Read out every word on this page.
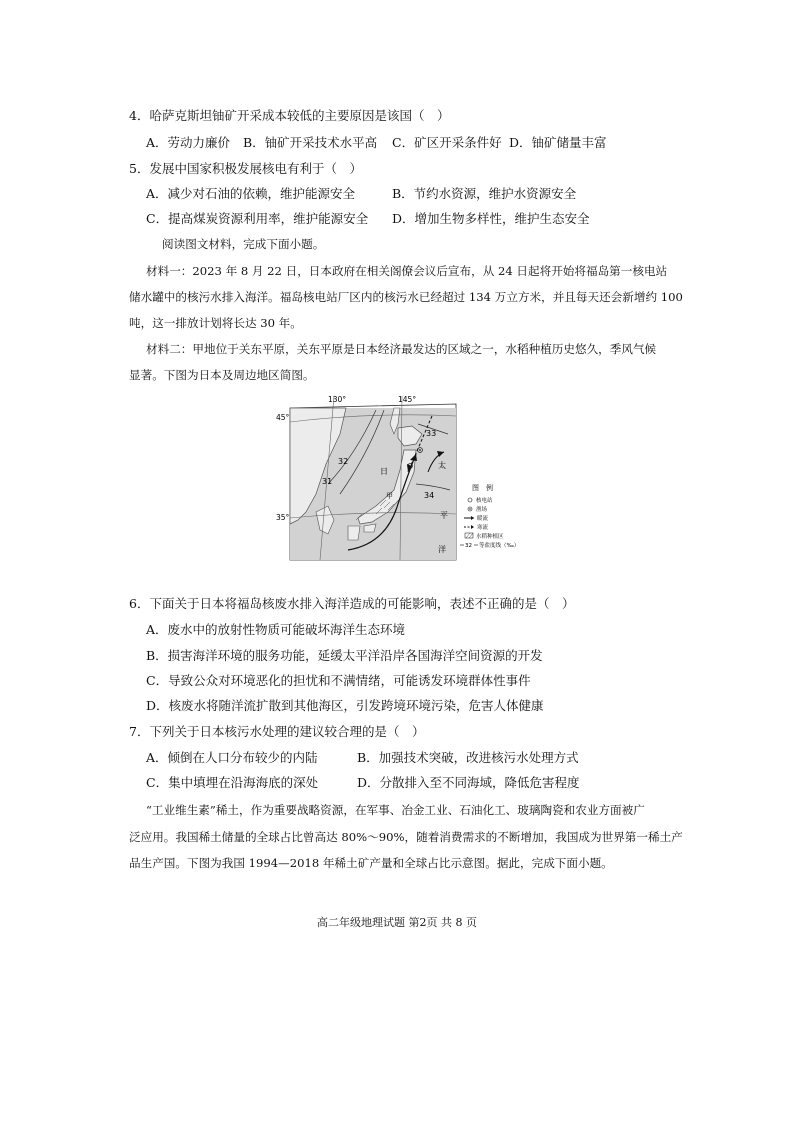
4．哈萨克斯坦铀矿开采成本较低的主要原因是该国（　）
A．劳动力廉价 B．铀矿开采技术水平高 C．矿区开采条件好 D．铀矿储量丰富
5．发展中国家积极发展核电有利于（　）
A．减少对石油的依赖，维护能源安全	B．节约水资源，维护水资源安全
C．提高煤炭资源利用率，维护能源安全 D．增加生物多样性，维护生态安全
阅读图文材料，完成下面小题。
材料一：2023 年 8 月 22 日，日本政府在相关阁僚会议后宣布，从 24 日起将开始将福岛第一核电站
储水罐中的核污水排入海洋。福岛核电站厂区内的核污水已经超过 134 万立方米，并且每天还会新增约 100
吨，这一排放计划将长达 30 年。
材料二：甲地位于关东平原，关东平原是日本经济最发达的区域之一，水稻种植历史悠久，季风气候
显著。下图为日本及周边地区简图。
130°	145°
45°
35°
33
32
31
34
日
太
平
洋
甲
图　例
核电站
渔场
暖流
寒流
水稻种植区
32 等盐度线（‰）
6．下面关于日本将福岛核废水排入海洋造成的可能影响，表述不正确的是（　）
A．废水中的放射性物质可能破坏海洋生态环境
B．损害海洋环境的服务功能，延缓太平洋沿岸各国海洋空间资源的开发
C．导致公众对环境恶化的担忧和不满情绪，可能诱发环境群体性事件
D．核废水将随洋流扩散到其他海区，引发跨境环境污染，危害人体健康
7．下列关于日本核污水处理的建议较合理的是（　）
A．倾倒在人口分布较少的内陆	B．加强技术突破，改进核污水处理方式
C．集中填埋在沿海海底的深处	D．分散排入至不同海域，降低危害程度
“工业维生素”稀土，作为重要战略资源，在军事、冶金工业、石油化工、玻璃陶瓷和农业方面被广
泛应用。我国稀土储量的全球占比曾高达 80%～90%，随着消费需求的不断增加，我国成为世界第一稀土产
品生产国。下图为我国 1994—2018 年稀土矿产量和全球占比示意图。据此，完成下面小题。
高二年级地理试题 第2页 共 8 页
